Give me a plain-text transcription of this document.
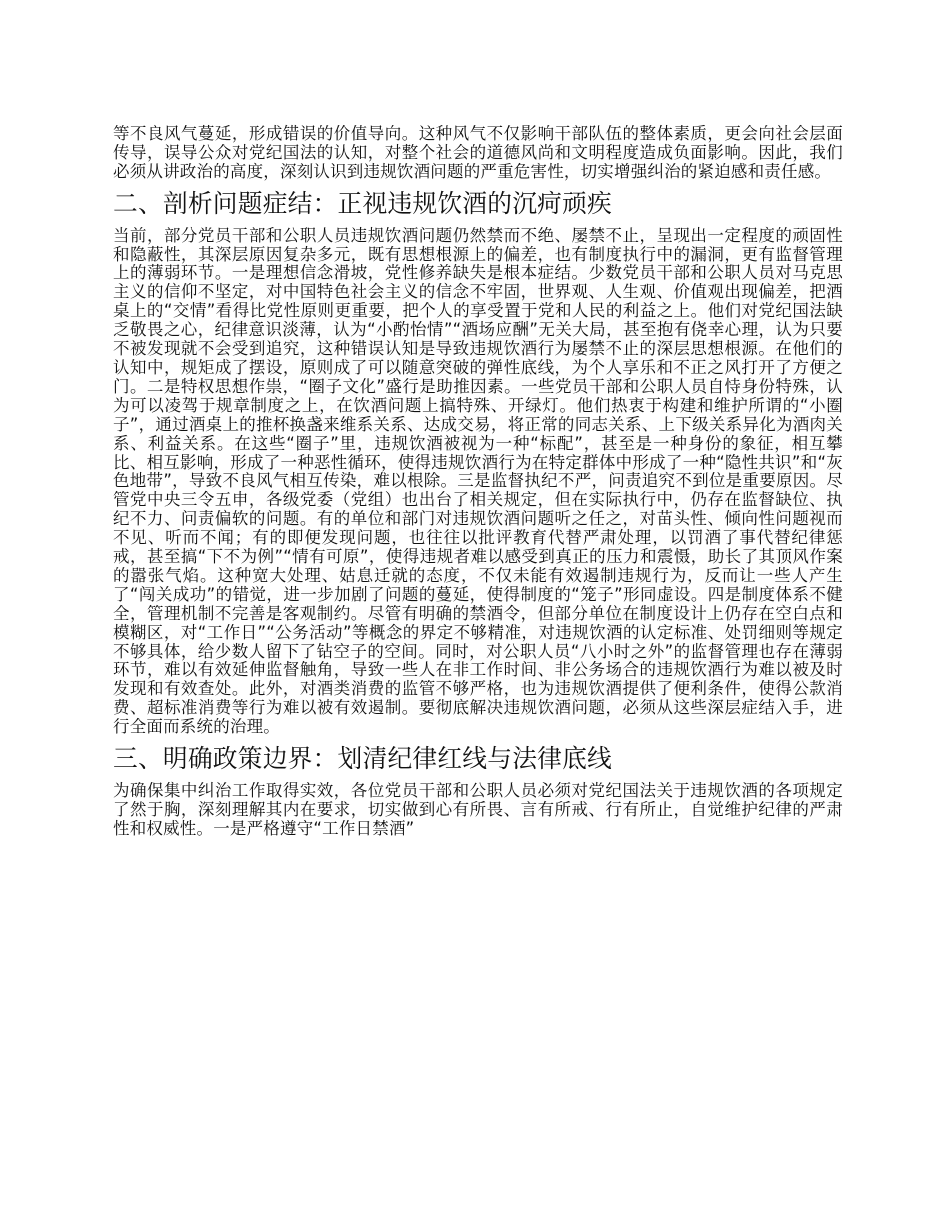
等不良风气蔓延，形成错误的价值导向。这种风气不仅影响干部队伍的整体素质，更会向社会层面传导，误导公众对党纪国法的认知，对整个社会的道德风尚和文明程度造成负面影响。因此，我们必须从讲政治的高度，深刻认识到违规饮酒问题的严重危害性，切实增强纠治的紧迫感和责任感。

二、剖析问题症结：正视违规饮酒的沉疴顽疾

当前，部分党员干部和公职人员违规饮酒问题仍然禁而不绝、屡禁不止，呈现出一定程度的顽固性和隐蔽性，其深层原因复杂多元，既有思想根源上的偏差，也有制度执行中的漏洞，更有监督管理上的薄弱环节。一是理想信念滑坡，党性修养缺失是根本症结。少数党员干部和公职人员对马克思主义的信仰不坚定，对中国特色社会主义的信念不牢固，世界观、人生观、价值观出现偏差，把酒桌上的“交情”看得比党性原则更重要，把个人的享受置于党和人民的利益之上。他们对党纪国法缺乏敬畏之心，纪律意识淡薄，认为“小酌怡情”“酒场应酬”无关大局，甚至抱有侥幸心理，认为只要不被发现就不会受到追究，这种错误认知是导致违规饮酒行为屡禁不止的深层思想根源。在他们的认知中，规矩成了摆设，原则成了可以随意突破的弹性底线，为个人享乐和不正之风打开了方便之门。二是特权思想作祟，“圈子文化”盛行是助推因素。一些党员干部和公职人员自恃身份特殊，认为可以凌驾于规章制度之上，在饮酒问题上搞特殊、开绿灯。他们热衷于构建和维护所谓的“小圈子”，通过酒桌上的推杯换盏来维系关系、达成交易，将正常的同志关系、上下级关系异化为酒肉关系、利益关系。在这些“圈子”里，违规饮酒被视为一种“标配”，甚至是一种身份的象征，相互攀比、相互影响，形成了一种恶性循环，使得违规饮酒行为在特定群体中形成了一种“隐性共识”和“灰色地带”，导致不良风气相互传染，难以根除。三是监督执纪不严，问责追究不到位是重要原因。尽管党中央三令五申，各级党委（党组）也出台了相关规定，但在实际执行中，仍存在监督缺位、执纪不力、问责偏软的问题。有的单位和部门对违规饮酒问题听之任之，对苗头性、倾向性问题视而不见、听而不闻；有的即便发现问题，也往往以批评教育代替严肃处理，以罚酒了事代替纪律惩戒，甚至搞“下不为例”“情有可原”，使得违规者难以感受到真正的压力和震慑，助长了其顶风作案的嚣张气焰。这种宽大处理、姑息迁就的态度，不仅未能有效遏制违规行为，反而让一些人产生了“闯关成功”的错觉，进一步加剧了问题的蔓延，使得制度的“笼子”形同虚设。四是制度体系不健全，管理机制不完善是客观制约。尽管有明确的禁酒令，但部分单位在制度设计上仍存在空白点和模糊区，对“工作日”“公务活动”等概念的界定不够精准，对违规饮酒的认定标准、处罚细则等规定不够具体，给少数人留下了钻空子的空间。同时，对公职人员“八小时之外”的监督管理也存在薄弱环节，难以有效延伸监督触角，导致一些人在非工作时间、非公务场合的违规饮酒行为难以被及时发现和有效查处。此外，对酒类消费的监管不够严格，也为违规饮酒提供了便利条件，使得公款消费、超标准消费等行为难以被有效遏制。要彻底解决违规饮酒问题，必须从这些深层症结入手，进行全面而系统的治理。

三、明确政策边界：划清纪律红线与法律底线

为确保集中纠治工作取得实效，各位党员干部和公职人员必须对党纪国法关于违规饮酒的各项规定了然于胸，深刻理解其内在要求，切实做到心有所畏、言有所戒、行有所止，自觉维护纪律的严肃性和权威性。一是严格遵守“工作日禁酒”
